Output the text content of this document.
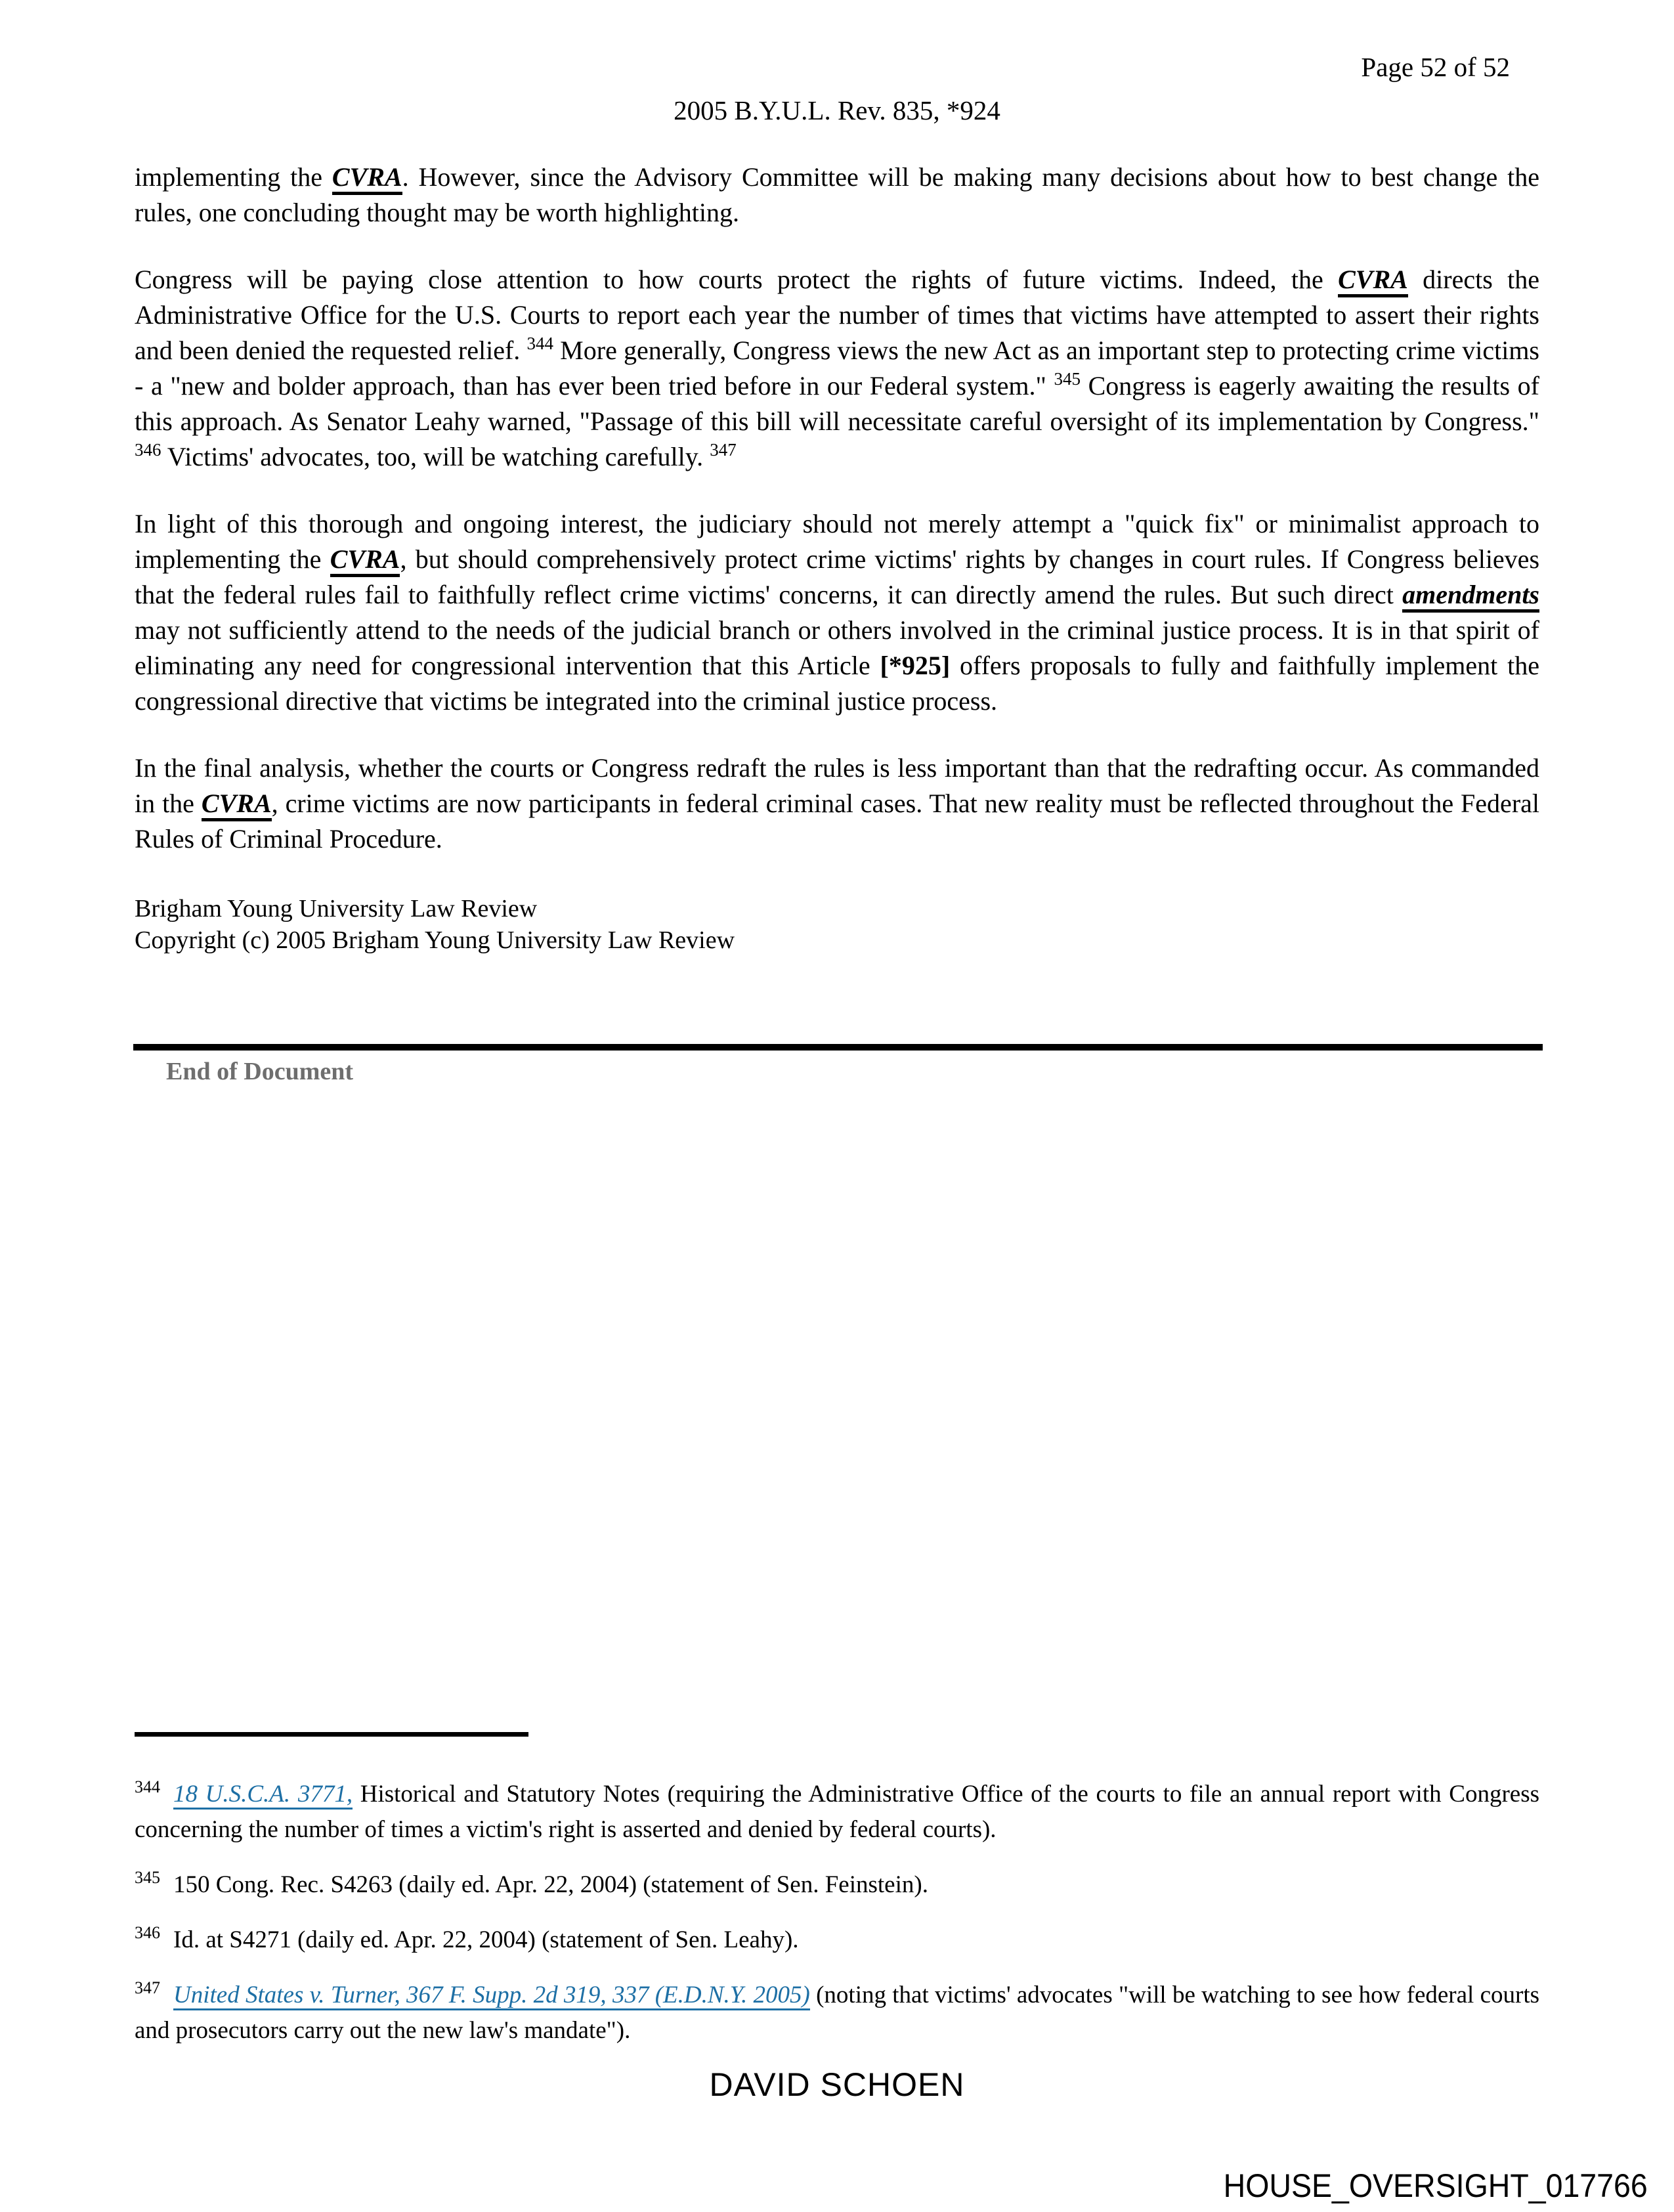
Page 52 of 52
2005 B.Y.U.L. Rev. 835, *924

implementing the CVRA. However, since the Advisory Committee will be making many decisions about how to best change the rules, one concluding thought may be worth highlighting.

Congress will be paying close attention to how courts protect the rights of future victims. Indeed, the CVRA directs the Administrative Office for the U.S. Courts to report each year the number of times that victims have attempted to assert their rights and been denied the requested relief. $^{344}$ More generally, Congress views the new Act as an important step to protecting crime victims - a "new and bolder approach, than has ever been tried before in our Federal system." $^{345}$ Congress is eagerly awaiting the results of this approach. As Senator Leahy warned, "Passage of this bill will necessitate careful oversight of its implementation by Congress." $^{346}$ Victims' advocates, too, will be watching carefully. $^{347}$

In light of this thorough and ongoing interest, the judiciary should not merely attempt a "quick fix" or minimalist approach to implementing the CVRA, but should comprehensively protect crime victims' rights by changes in court rules. If Congress believes that the federal rules fail to faithfully reflect crime victims' concerns, it can directly amend the rules. But such direct amendments may not sufficiently attend to the needs of the judicial branch or others involved in the criminal justice process. It is in that spirit of eliminating any need for congressional intervention that this Article [*925] offers proposals to fully and faithfully implement the congressional directive that victims be integrated into the criminal justice process.

In the final analysis, whether the courts or Congress redraft the rules is less important than that the redrafting occur. As commanded in the CVRA, crime victims are now participants in federal criminal cases. That new reality must be reflected throughout the Federal Rules of Criminal Procedure.

Brigham Young University Law Review
Copyright (c) 2005 Brigham Young University Law Review
End of Document
$^{344}$ 18 U.S.C.A. 3771, Historical and Statutory Notes (requiring the Administrative Office of the courts to file an annual report with Congress concerning the number of times a victim's right is asserted and denied by federal courts).
$^{345}$ 150 Cong. Rec. S4263 (daily ed. Apr. 22, 2004) (statement of Sen. Feinstein).
$^{346}$ Id. at S4271 (daily ed. Apr. 22, 2004) (statement of Sen. Leahy).
$^{347}$ United States v. Turner, 367 F. Supp. 2d 319, 337 (E.D.N.Y. 2005) (noting that victims' advocates "will be watching to see how federal courts and prosecutors carry out the new law's mandate").
DAVID SCHOEN
HOUSE_OVERSIGHT_017766
